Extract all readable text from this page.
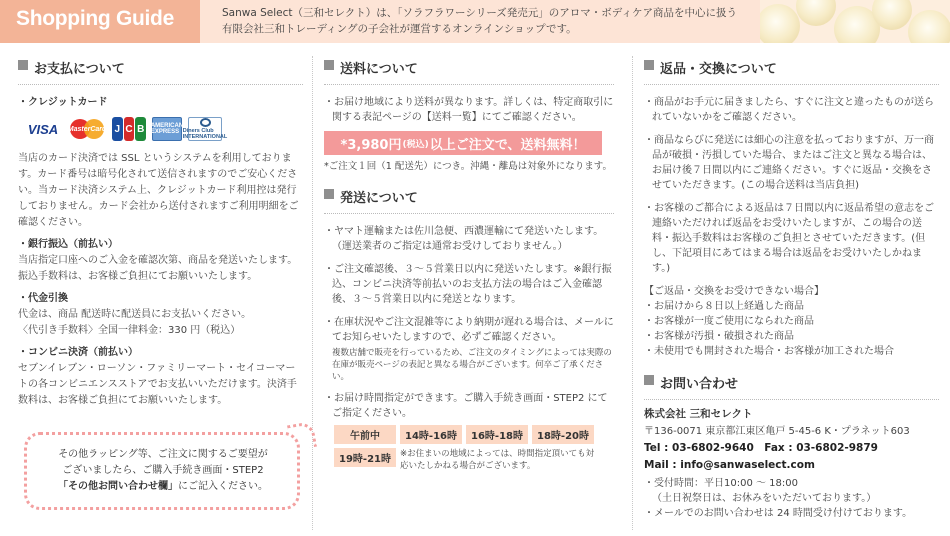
Shopping Guide	Sanwa Select（三和セレクト）は、「ソラフラワーシリーズ発売元」のアロマ・ボディケア商品を中心に扱う
有限会社三和トレーディングの子会社が運営するオンラインショップです。
お支払について
・クレジットカード
VISA	MasterCard J C B AMERICAN EXPRESS Diners Club INTERNATIONAL
当店のカード決済では SSL というシステムを利用しております。カード番号は暗号化されて送信されますのでご安心ください。当カード決済システム上、クレジットカード利用控は発行しておりません。カード会社から送付されますご利用明細をご確認ください。
・銀行振込（前払い）
当店指定口座へのご入金を確認次第、商品を発送いたします。振込手数料は、お客様ご負担にてお願いいたします。
・代金引換
代金は、商品 配送時に配送員にお支払いください。
〈代引き手数料〉全国一律料金：330 円（税込）
・コンビニ決済（前払い）
セブンイレブン・ローソン・ファミリーマート・セイコーマートの各コンビニエンスストアでお支払いいただけます。決済手数料は、お客様ご負担にてお願いいたします。
その他ラッピング等、ご注文に関するご要望が
ございましたら、ご購入手続き画面・STEP2
「その他お問い合わせ欄」にご記入ください。
送料について
・お届け地域により送料が異なります。詳しくは、特定商取引に関する表記ページの【送料一覧】にてご確認ください。
*3,980円 (税込) 以上ご注文で、送料無料！
*ご注文１回（1 配送先）につき。沖縄・離島は対象外になります。
発送について
・ヤマト運輸または佐川急便、西濃運輸にて発送いたします。（運送業者のご指定は通常お受けしておりません。）
・ご注文確認後、３～５営業日以内に発送いたします。※銀行振込、コンビニ決済等前払いのお支払方法の場合はご入金確認後、３～５営業日以内に発送となります。
・在庫状況やご注文混雑等により納期が遅れる場合は、メールにてお知らせいたしますので、必ずご確認ください。
複数店舗で販売を行っているため、ご注文のタイミングによっては実際の在庫が販売ページの表記と異なる場合がございます。何卒ご了承ください。
・お届け時間指定ができます。ご購入手続き画面・STEP2 にてご指定ください。
午前中	14時-16時	16時-18時	18時-20時
19時-21時	※お住まいの地域によっては、時間指定頂いても対応いたしかねる場合がございます。
返品・交換について
・商品がお手元に届きましたら、すぐに注文と違ったものが送られていないかをご確認ください。
・商品ならびに発送には細心の注意を払っておりますが、万一商品が破損・汚損していた場合、またはご注文と異なる場合は、お届け後７日間以内にご連絡ください。すぐに返品・交換をさせていただきます。(この場合送料は当店負担)
・お客様のご都合による返品は７日間以内に返品希望の意志をご連絡いただければ返品をお受けいたしますが、この場合の送料・振込手数料はお客様のご負担とさせていただきます。(但し、下記項目にあてはまる場合は返品をお受けいたしかねます。)
【ご返品・交換をお受けできない場合】
・お届けから８日以上経過した商品
・お客様が一度ご使用になられた商品
・お客様が汚損・破損された商品
・未使用でも開封された場合・お客様が加工された場合
お問い合わせ
株式会社 三和セレクト
〒136-0071 東京都江東区亀戸 5-45-6 K・プラネット603
Tel : 03-6802-9640　Fax : 03-6802-9879
Mail : info@sanwaselect.com
・受付時間：平日10:00 ～ 18:00
（土日祝祭日は、お休みをいただいております。）
・メールでのお問い合わせは 24 時間受け付けております。
